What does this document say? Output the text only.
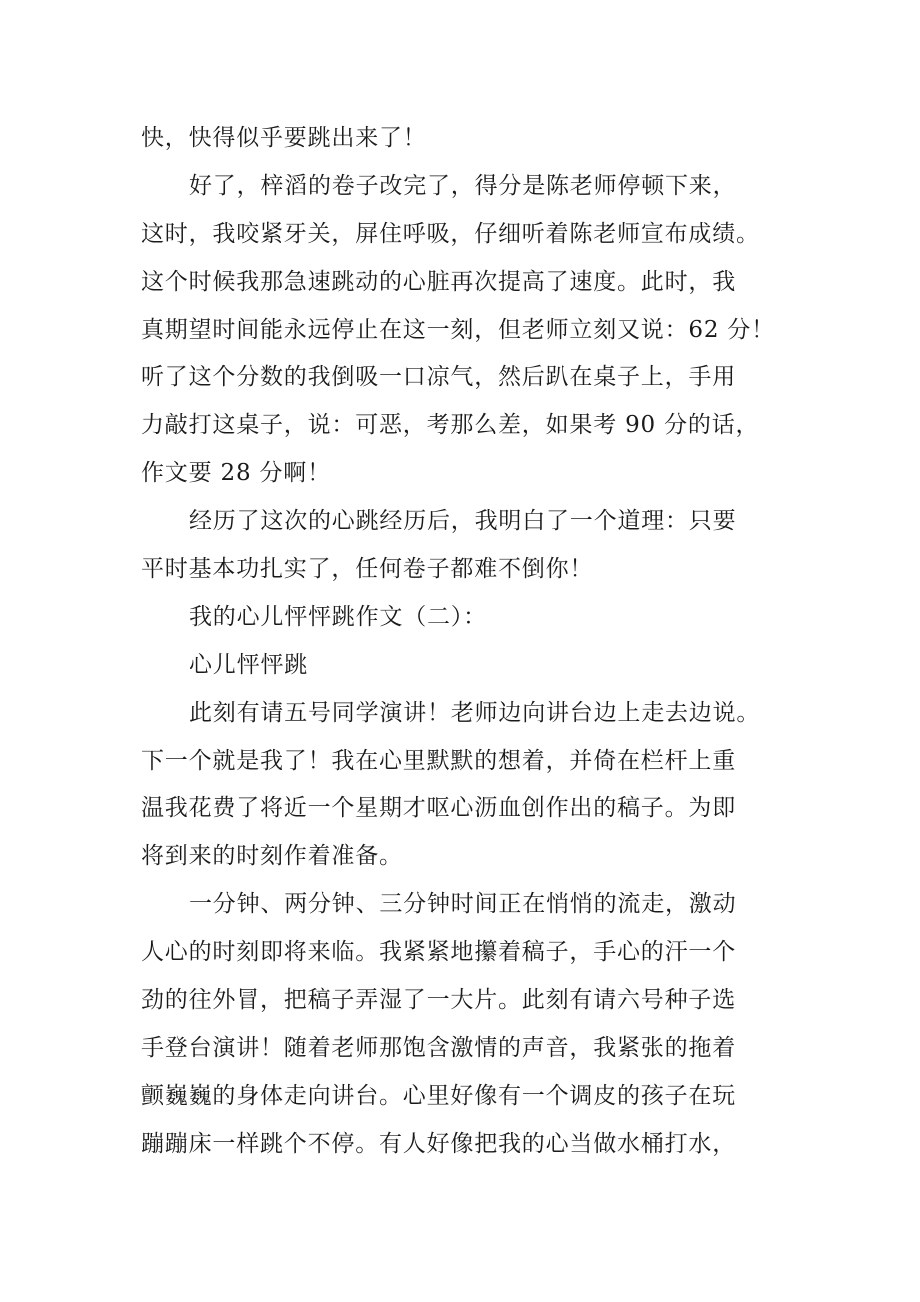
快，快得似乎要跳出来了！
好了，梓滔的卷子改完了，得分是陈老师停顿下来，
这时，我咬紧牙关，屏住呼吸，仔细听着陈老师宣布成绩。
这个时候我那急速跳动的心脏再次提高了速度。此时，我
真期望时间能永远停止在这一刻，但老师立刻又说：62 分！
听了这个分数的我倒吸一口凉气，然后趴在桌子上，手用
力敲打这桌子，说：可恶，考那么差，如果考 90 分的话，
作文要 28 分啊！
经历了这次的心跳经历后，我明白了一个道理：只要
平时基本功扎实了，任何卷子都难不倒你！
我的心儿怦怦跳作文（二）：
心儿怦怦跳
此刻有请五号同学演讲！老师边向讲台边上走去边说。
下一个就是我了！我在心里默默的想着，并倚在栏杆上重
温我花费了将近一个星期才呕心沥血创作出的稿子。为即
将到来的时刻作着准备。
一分钟、两分钟、三分钟时间正在悄悄的流走，激动
人心的时刻即将来临。我紧紧地攥着稿子，手心的汗一个
劲的往外冒，把稿子弄湿了一大片。此刻有请六号种子选
手登台演讲！随着老师那饱含激情的声音，我紧张的拖着
颤巍巍的身体走向讲台。心里好像有一个调皮的孩子在玩
蹦蹦床一样跳个不停。有人好像把我的心当做水桶打水，
